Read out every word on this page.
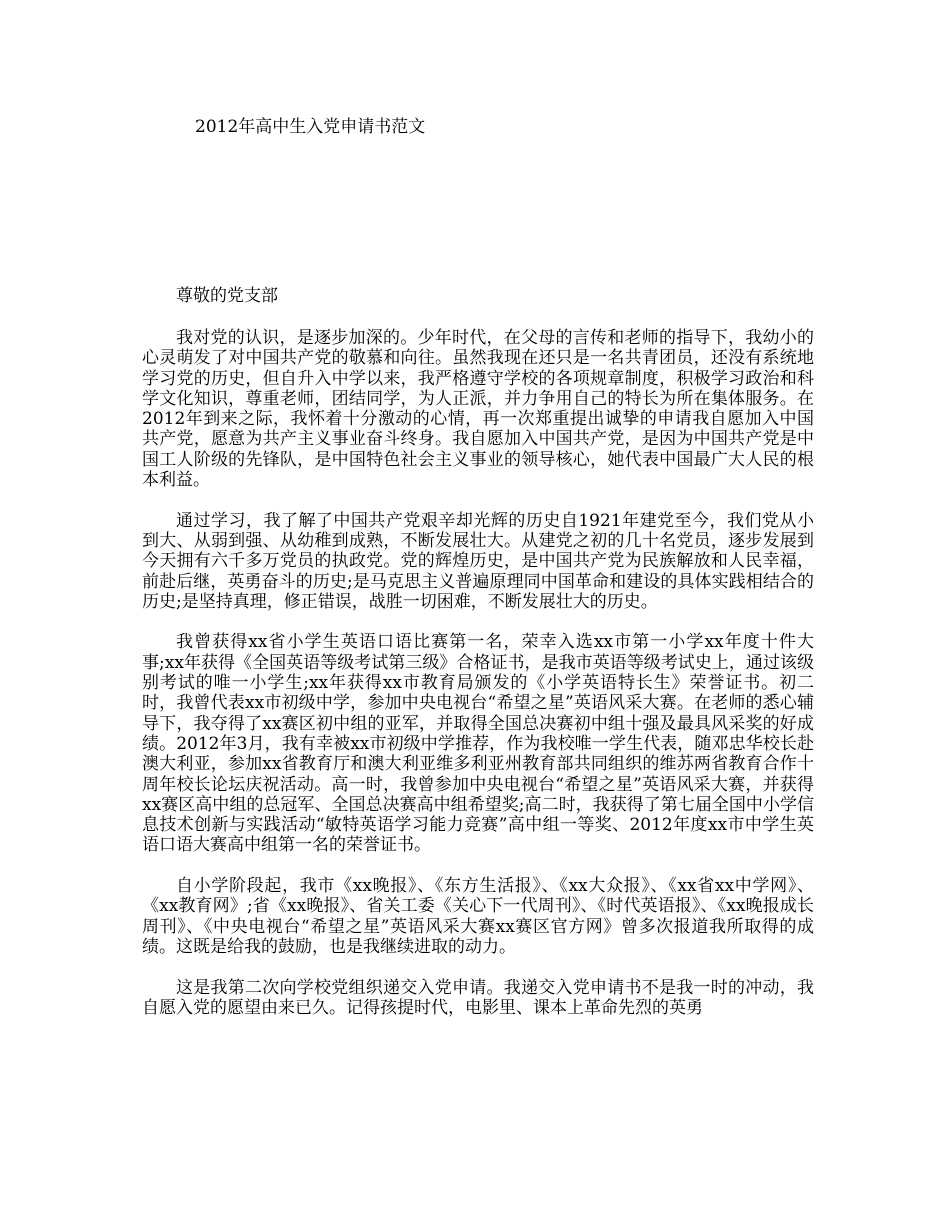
2012年高中生入党申请书范文
尊敬的党支部

我对党的认识，是逐步加深的。少年时代，在父母的言传和老师的指导下，我幼小的心灵萌发了对中国共产党的敬慕和向往。虽然我现在还只是一名共青团员，还没有系统地学习党的历史，但自升入中学以来，我严格遵守学校的各项规章制度，积极学习政治和科学文化知识，尊重老师，团结同学，为人正派，并力争用自己的特长为所在集体服务。在2012年到来之际，我怀着十分激动的心情，再一次郑重提出诚挚的申请我自愿加入中国共产党，愿意为共产主义事业奋斗终身。我自愿加入中国共产党，是因为中国共产党是中国工人阶级的先锋队，是中国特色社会主义事业的领导核心，她代表中国最广大人民的根本利益。

通过学习，我了解了中国共产党艰辛却光辉的历史自1921年建党至今，我们党从小到大、从弱到强、从幼稚到成熟，不断发展壮大。从建党之初的几十名党员，逐步发展到今天拥有六千多万党员的执政党。党的辉煌历史，是中国共产党为民族解放和人民幸福，前赴后继，英勇奋斗的历史;是马克思主义普遍原理同中国革命和建设的具体实践相结合的历史;是坚持真理，修正错误，战胜一切困难，不断发展壮大的历史。

我曾获得xx省小学生英语口语比赛第一名，荣幸入选xx市第一小学xx年度十件大事;xx年获得《全国英语等级考试第三级》合格证书，是我市英语等级考试史上，通过该级别考试的唯一小学生;xx年获得xx市教育局颁发的《小学英语特长生》荣誉证书。初二时，我曾代表xx市初级中学，参加中央电视台“希望之星”英语风采大赛。在老师的悉心辅导下，我夺得了xx赛区初中组的亚军，并取得全国总决赛初中组十强及最具风采奖的好成绩。2012年3月，我有幸被xx市初级中学推荐，作为我校唯一学生代表，随邓忠华校长赴澳大利亚，参加xx省教育厅和澳大利亚维多利亚州教育部共同组织的维苏两省教育合作十周年校长论坛庆祝活动。高一时，我曾参加中央电视台“希望之星”英语风采大赛，并获得xx赛区高中组的总冠军、全国总决赛高中组希望奖;高二时，我获得了第七届全国中小学信息技术创新与实践活动“敏特英语学习能力竞赛”高中组一等奖、2012年度xx市中学生英语口语大赛高中组第一名的荣誉证书。

自小学阶段起，我市《xx晚报》、《东方生活报》、《xx大众报》、《xx省xx中学网》、《xx教育网》;省《xx晚报》、省关工委《关心下一代周刊》、《时代英语报》、《xx晚报成长周刊》、《中央电视台“希望之星”英语风采大赛xx赛区官方网》曾多次报道我所取得的成绩。这既是给我的鼓励，也是我继续进取的动力。

这是我第二次向学校党组织递交入党申请。我递交入党申请书不是我一时的冲动，我自愿入党的愿望由来已久。记得孩提时代，电影里、课本上革命先烈的英勇
